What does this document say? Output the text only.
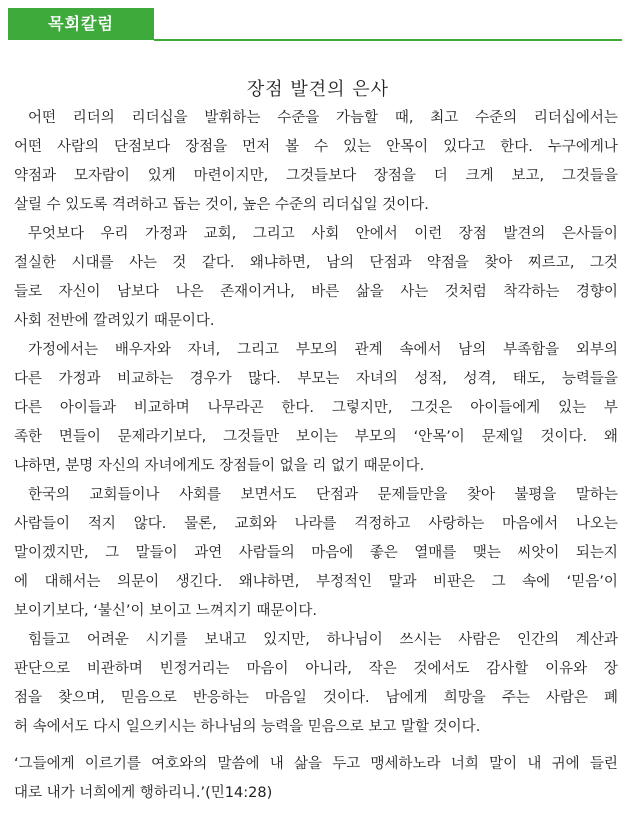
목회칼럼
장점 발견의 은사
어떤 리더의 리더십을 발휘하는 수준을 가늠할 때, 최고 수준의 리더십에서는
어떤 사람의 단점보다 장점을 먼저 볼 수 있는 안목이 있다고 한다. 누구에게나
약점과 모자람이 있게 마련이지만, 그것들보다 장점을 더 크게 보고, 그것들을
살릴 수 있도록 격려하고 돕는 것이, 높은 수준의 리더십일 것이다.
무엇보다 우리 가정과 교회, 그리고 사회 안에서 이런 장점 발견의 은사들이
절실한 시대를 사는 것 같다. 왜냐하면, 남의 단점과 약점을 찾아 찌르고, 그것
들로 자신이 남보다 나은 존재이거나, 바른 삶을 사는 것처럼 착각하는 경향이
사회 전반에 깔려있기 때문이다.
가정에서는 배우자와 자녀, 그리고 부모의 관계 속에서 남의 부족함을 외부의
다른 가정과 비교하는 경우가 많다. 부모는 자녀의 성적, 성격, 태도, 능력들을
다른 아이들과 비교하며 나무라곤 한다. 그렇지만, 그것은 아이들에게 있는 부
족한 면들이 문제라기보다, 그것들만 보이는 부모의 ‘안목’이 문제일 것이다. 왜
냐하면, 분명 자신의 자녀에게도 장점들이 없을 리 없기 때문이다.
한국의 교회들이나 사회를 보면서도 단점과 문제들만을 찾아 불평을 말하는
사람들이 적지 않다. 물론, 교회와 나라를 걱정하고 사랑하는 마음에서 나오는
말이겠지만, 그 말들이 과연 사람들의 마음에 좋은 열매를 맺는 씨앗이 되는지
에 대해서는 의문이 생긴다. 왜냐하면, 부정적인 말과 비판은 그 속에 ‘믿음’이
보이기보다, ‘불신’이 보이고 느껴지기 때문이다.
힘들고 어려운 시기를 보내고 있지만, 하나님이 쓰시는 사람은 인간의 계산과
판단으로 비관하며 빈정거리는 마음이 아니라, 작은 것에서도 감사할 이유와 장
점을 찾으며, 믿음으로 반응하는 마음일 것이다. 남에게 희망을 주는 사람은 폐
허 속에서도 다시 일으키시는 하나님의 능력을 믿음으로 보고 말할 것이다.
‘그들에게 이르기를 여호와의 말씀에 내 삶을 두고 맹세하노라 너희 말이 내 귀에 들린
대로 내가 너희에게 행하리니.’(민14:28)
